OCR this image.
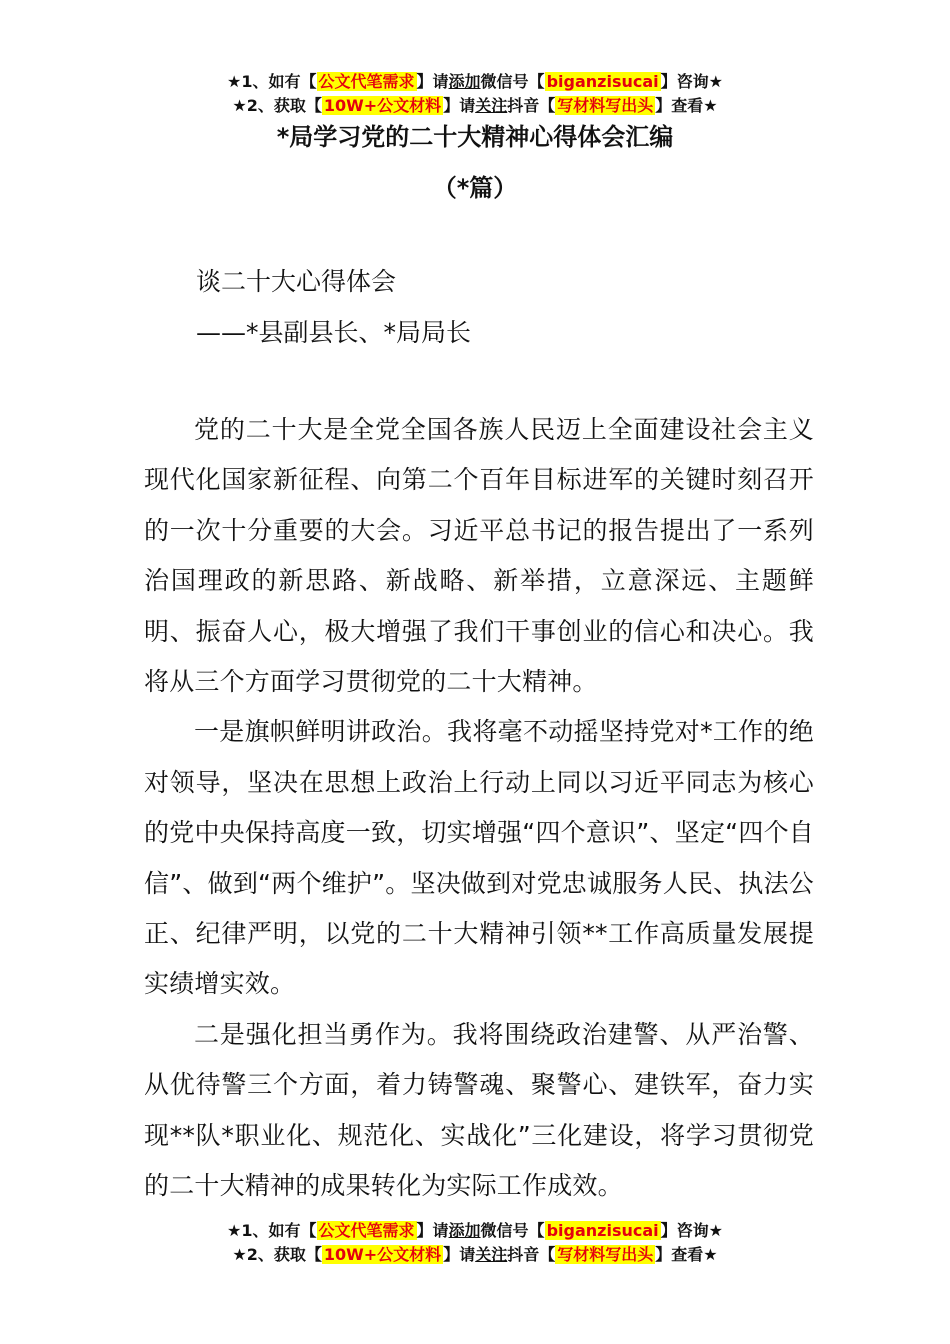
★1、如有【 公文代笔需求 】请添加微信号【 biganzisucai 】咨询★
★2、获取【 10W+公文材料 】请关注抖音【 写材料写出头 】查看★
*局学习党的二十大精神心得体会汇编
（*篇）
谈二十大心得体会
——*县副县长、*局局长

党的二十大是全党全国各族人民迈上全面建设社会主义现代化国家新征程、向第二个百年目标进军的关键时刻召开的一次十分重要的大会。习近平总书记的报告提出了一系列治国理政的新思路、新战略、新举措，立意深远、主题鲜明、振奋人心，极大增强了我们干事创业的信心和决心。我将从三个方面学习贯彻党的二十大精神。

一是旗帜鲜明讲政治。我将毫不动摇坚持党对*工作的绝对领导，坚决在思想上政治上行动上同以习近平同志为核心的党中央保持高度一致，切实增强“四个意识”、坚定“四个自信”、做到“两个维护”。坚决做到对党忠诚服务人民、执法公正、纪律严明，以党的二十大精神引领**工作高质量发展提实绩增实效。

二是强化担当勇作为。我将围绕政治建警、从严治警、从优待警三个方面，着力铸警魂、聚警心、建铁军，奋力实现**队*职业化、规范化、实战化”三化建设，将学习贯彻党的二十大精神的成果转化为实际工作成效。

★1、如有【 公文代笔需求 】请添加微信号【 biganzisucai 】咨询★
★2、获取【 10W+公文材料 】请关注抖音【 写材料写出头 】查看★
